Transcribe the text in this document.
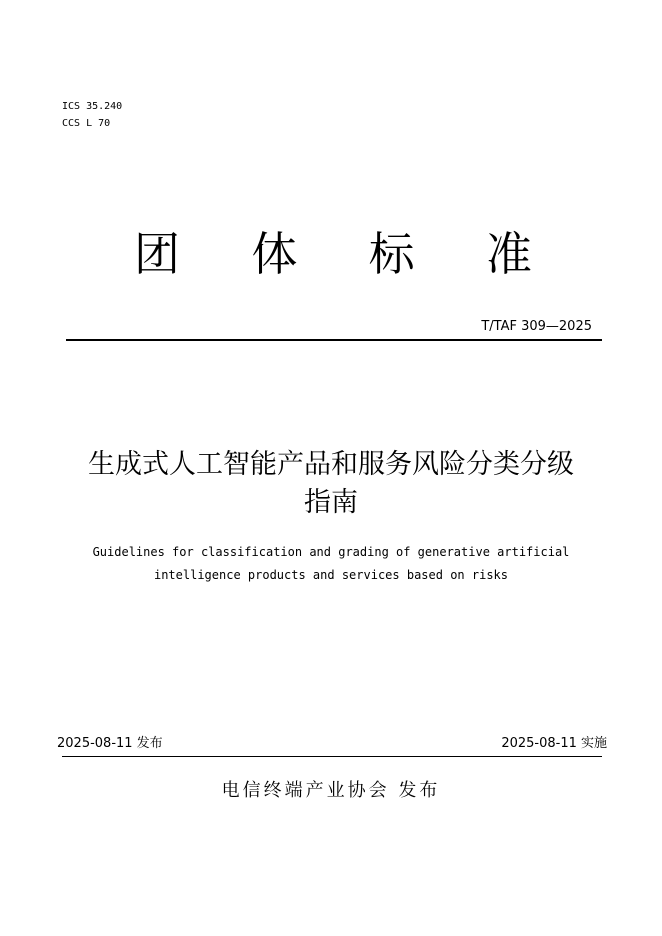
ICS 35.240
CCS L 70
团 体 标 准
T/TAF 309—2025
生成式人工智能产品和服务风险分类分级
指南
Guidelines for classification and grading of generative artificial
intelligence products and services based on risks
2025-08-11 发布	2025-08-11 实施
电信终端产业协会 发布
